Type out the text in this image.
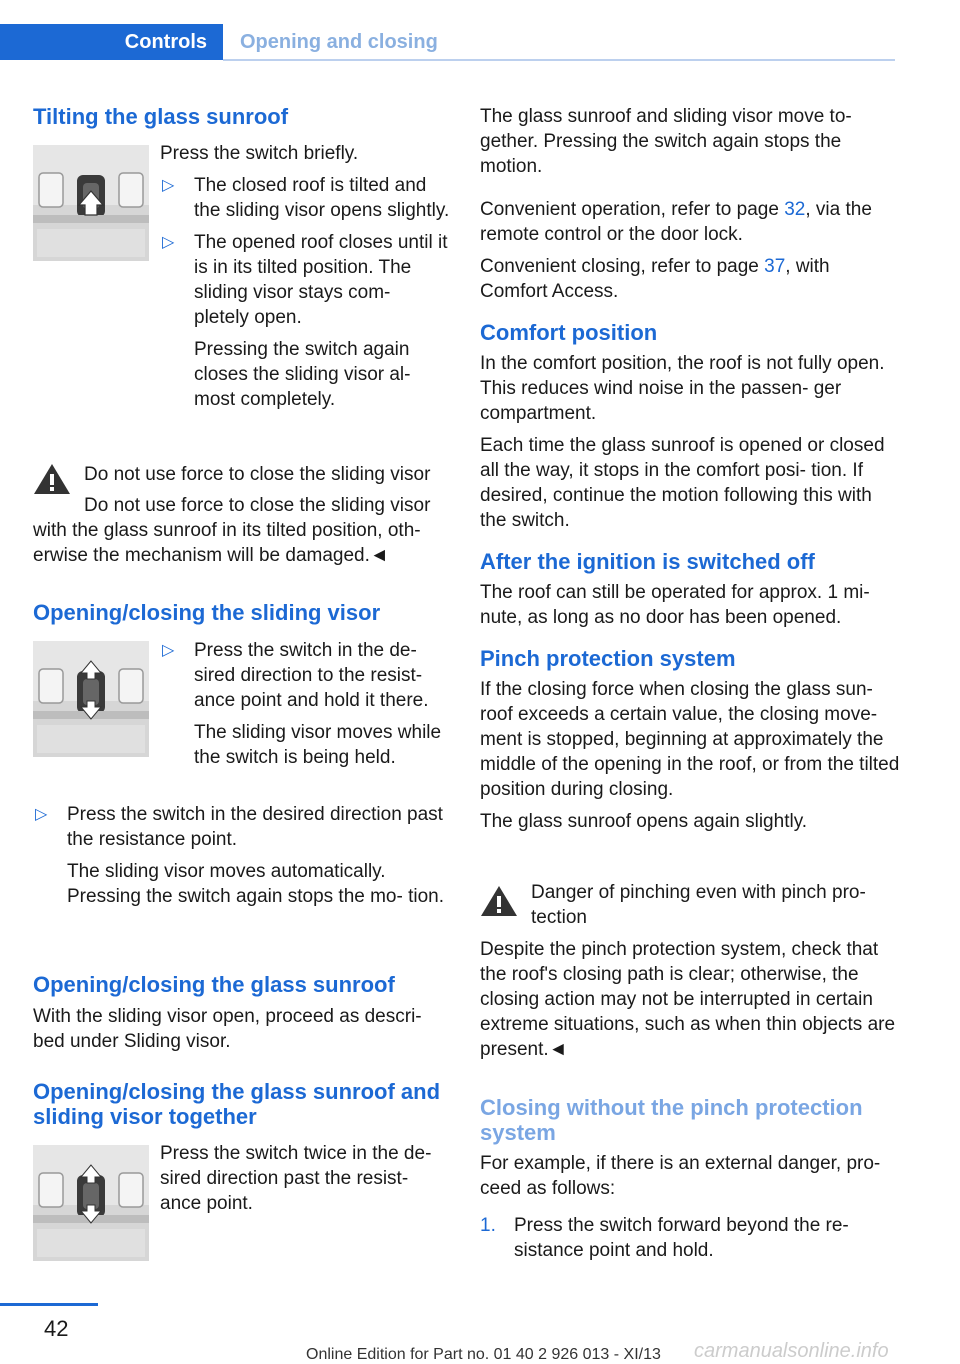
Controls Opening and closing
Tilting the glass sunroof

Press the switch briefly.

▷ The closed roof is tilted and the sliding visor opens slightly.
▷ The opened roof closes until it is in its tilted position. The sliding visor stays com- pletely open.

Pressing the switch again closes the sliding visor al- most completely.

Do not use force to close the sliding visor
Do not use force to close the sliding visor with the glass sunroof in its tilted position, oth- erwise the mechanism will be damaged.◄
Opening/closing the sliding visor
▷ Press the switch in the de- sired direction to the resist- ance point and hold it there.

The sliding visor moves while the switch is being held.

▷ Press the switch in the desired direction past the resistance point.

The sliding visor moves automatically. Pressing the switch again stops the mo- tion.

Opening/closing the glass sunroof

With the sliding visor open, proceed as descri- bed under Sliding visor.

Opening/closing the glass sunroof and sliding visor together
Press the switch twice in the de- sired direction past the resist- ance point.

The glass sunroof and sliding visor move to- gether. Pressing the switch again stops the motion.

Convenient operation, refer to page 32, via the remote control or the door lock.

Convenient closing, refer to page 37, with Comfort Access.

Comfort position

In the comfort position, the roof is not fully open. This reduces wind noise in the passen- ger compartment.

Each time the glass sunroof is opened or closed all the way, it stops in the comfort posi- tion. If desired, continue the motion following this with the switch.

After the ignition is switched off

The roof can still be operated for approx. 1 mi- nute, as long as no door has been opened.

Pinch protection system

If the closing force when closing the glass sun- roof exceeds a certain value, the closing move- ment is stopped, beginning at approximately the middle of the opening in the roof, or from the tilted position during closing.

The glass sunroof opens again slightly.

Danger of pinching even with pinch pro- tection
Despite the pinch protection system, check that the roof's closing path is clear; otherwise, the closing action may not be interrupted in certain extreme situations, such as when thin objects are present.◄
Closing without the pinch protection system

For example, if there is an external danger, pro- ceed as follows:

1. Press the switch forward beyond the re- sistance point and hold.
42
Online Edition for Part no. 01 40 2 926 013 - XI/13 carmanualsonline.info
